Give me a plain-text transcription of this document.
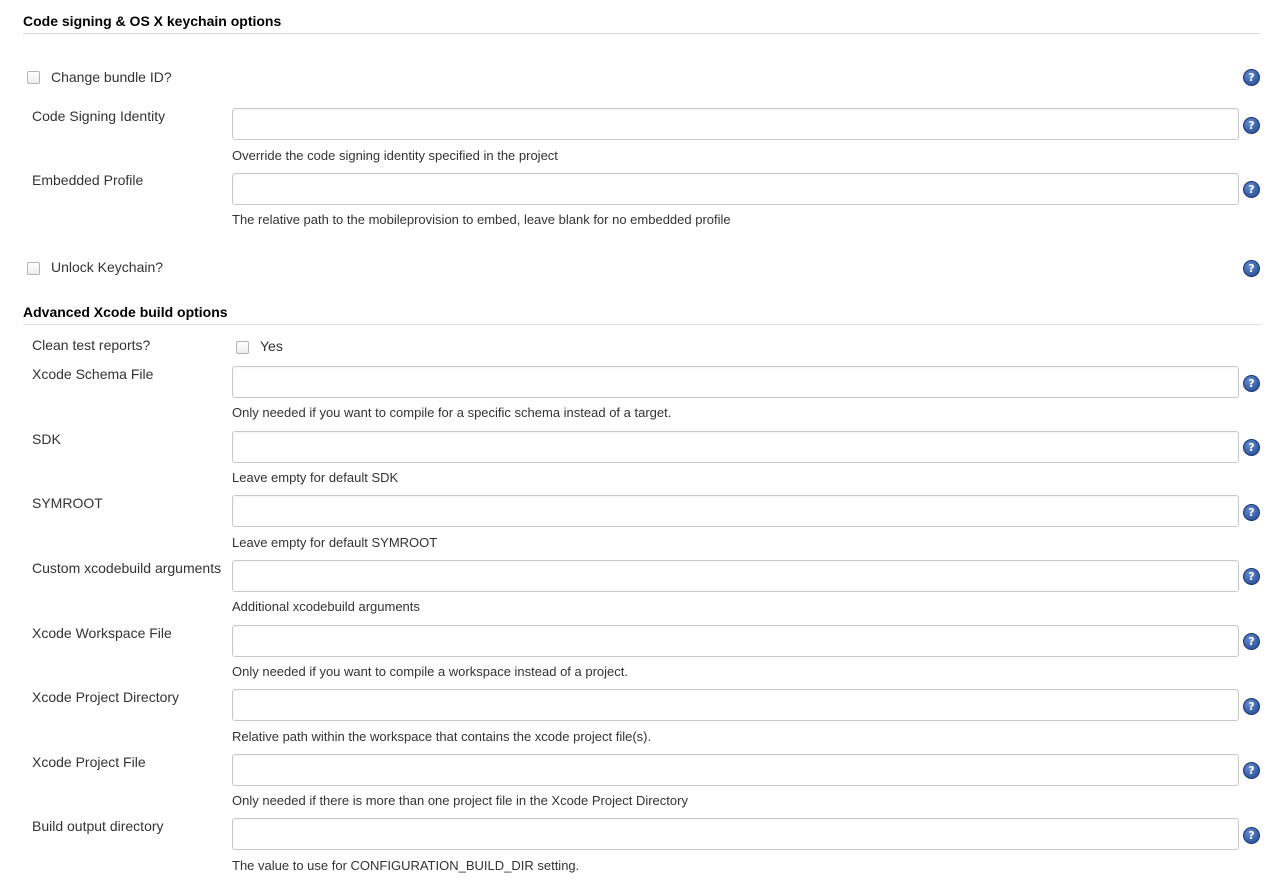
Code signing & OS X keychain options
Change bundle ID?	?
Code Signing Identity
?
Override the code signing identity specified in the project
Embedded Profile
?
The relative path to the mobileprovision to embed, leave blank for no embedded profile
Unlock Keychain?	?
Advanced Xcode build options
Clean test reports?	Yes
Xcode Schema File
?
Only needed if you want to compile for a specific schema instead of a target.
SDK
?
Leave empty for default SDK
SYMROOT
?
Leave empty for default SYMROOT
Custom xcodebuild arguments
?
Additional xcodebuild arguments
Xcode Workspace File
?
Only needed if you want to compile a workspace instead of a project.
Xcode Project Directory
?
Relative path within the workspace that contains the xcode project file(s).
Xcode Project File
?
Only needed if there is more than one project file in the Xcode Project Directory
Build output directory
?
The value to use for CONFIGURATION_BUILD_DIR setting.
